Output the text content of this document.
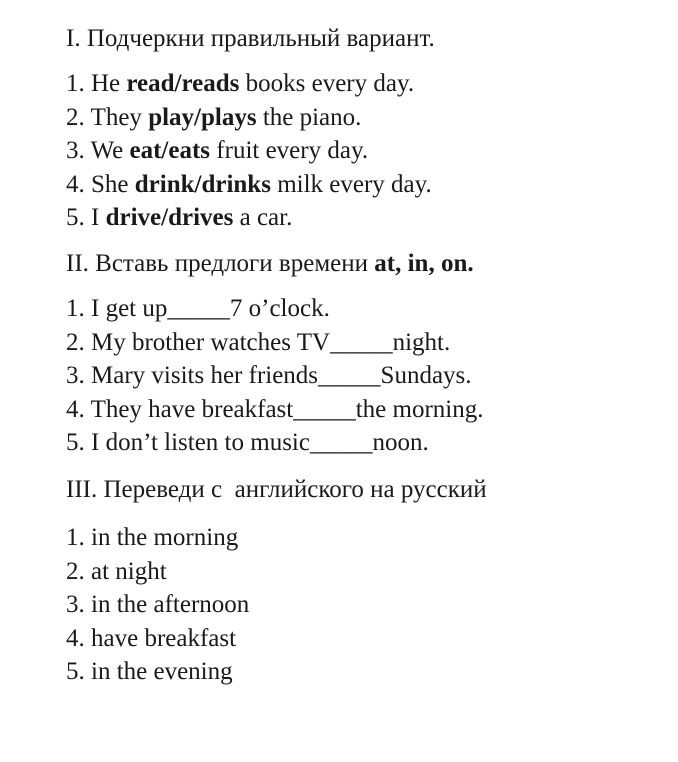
I. Подчеркни правильный вариант.
1. He read/reads books every day.
2. They play/plays the piano.
3. We eat/eats fruit every day.
4. She drink/drinks milk every day.
5. I drive/drives a car.
II. Вставь предлоги времени at, in, on.
1. I get up_____7 o’clock.
2. My brother watches TV_____night.
3. Mary visits her friends_____Sundays.
4. They have breakfast_____the morning.
5. I don’t listen to music_____noon.
III. Переведи с  английского на русский
1. in the morning
2. at night
3. in the afternoon
4. have breakfast
5. in the evening
